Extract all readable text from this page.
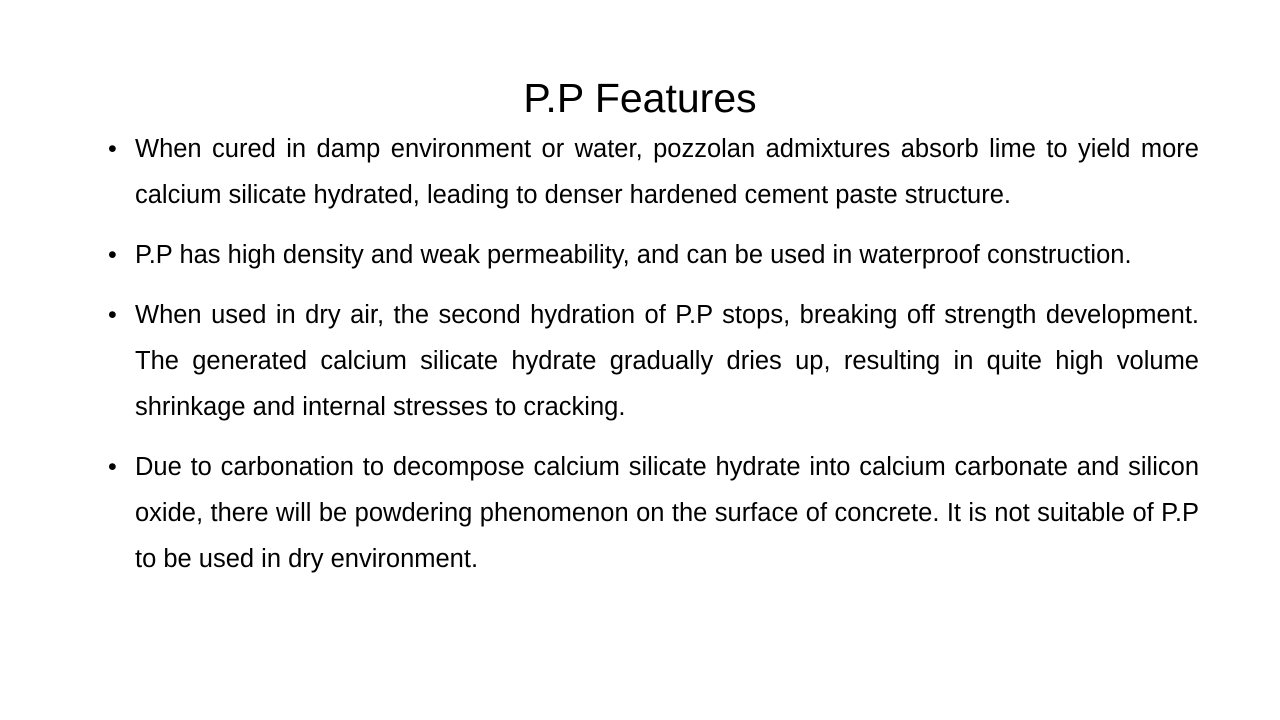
P.P Features
• When cured in damp environment or water, pozzolan admixtures absorb lime to yield more calcium silicate hydrated, leading to denser hardened cement paste structure.
• P.P has high density and weak permeability, and can be used in waterproof construction.
• When used in dry air, the second hydration of P.P stops, breaking off strength development. The generated calcium silicate hydrate gradually dries up, resulting in quite high volume shrinkage and internal stresses to cracking.
• Due to carbonation to decompose calcium silicate hydrate into calcium carbonate and silicon oxide, there will be powdering phenomenon on the surface of concrete. It is not suitable of P.P to be used in dry environment.
